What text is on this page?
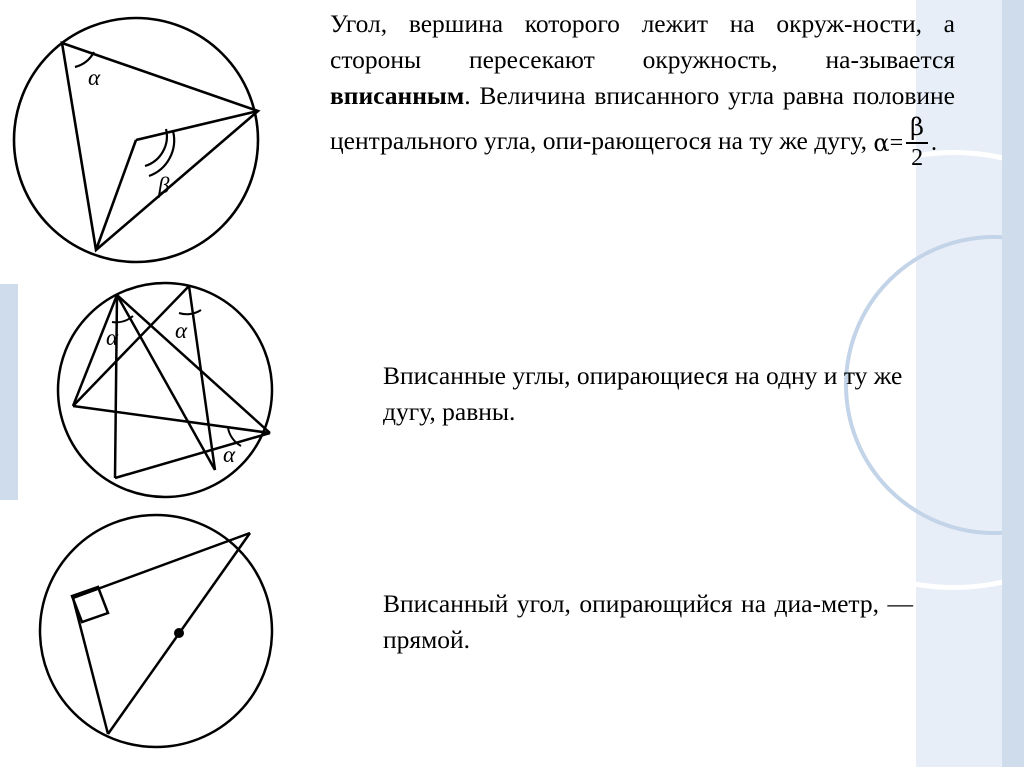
α
β
α α
α
Угол, вершина которого лежит на окруж-ности, а стороны пересекают окружность, на-зывается вписанным. Величина вписанного угла равна половине центрального угла, опи-рающегося на ту же дугу, $\alpha= \frac{\beta}{2}$ .
Вписанные углы, опирающиеся на одну и ту же дугу, равны.
Вписанный угол, опирающийся на диа-метр, — прямой.
